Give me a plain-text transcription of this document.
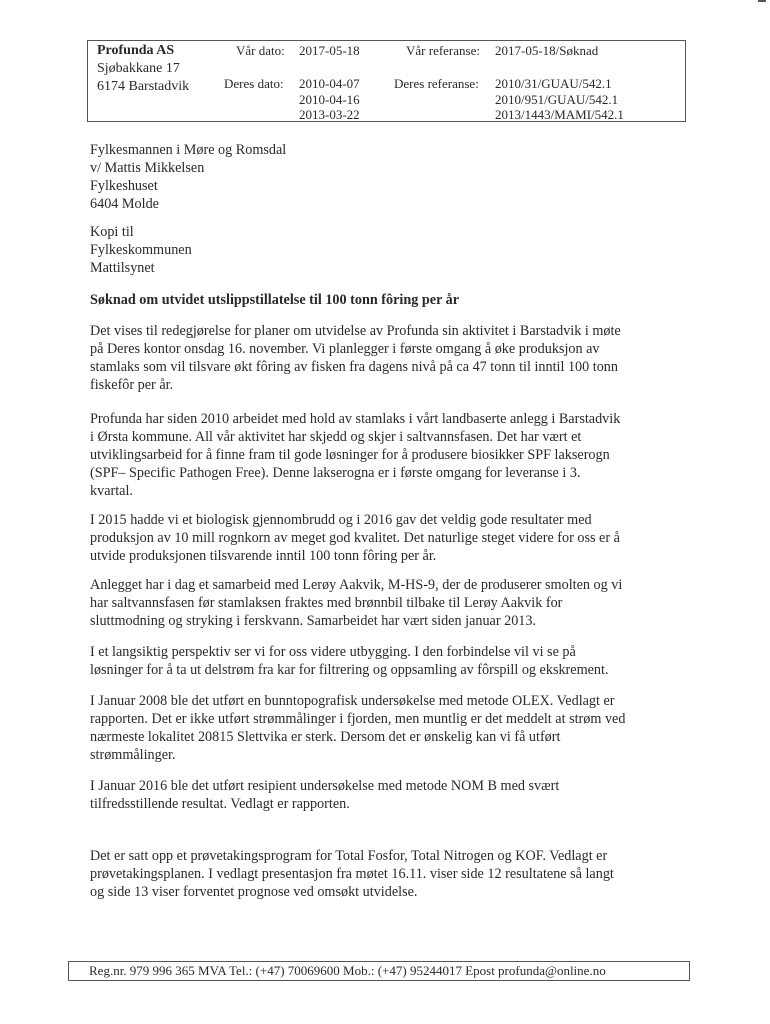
Profunda AS
Sjøbakkane 17
6174 Barstadvik
Vår dato: 2017-05-18	Vår referanse: 2017-05-18/Søknad
Deres dato: 2010-04-07
2010-04-16
2013-03-22
Deres referanse: 2010/31/GUAU/542.1
2010/951/GUAU/542.1
2013/1443/MAMI/542.1
Fylkesmannen i Møre og Romsdal
v/ Mattis Mikkelsen
Fylkeshuset
6404 Molde
Kopi til
Fylkeskommunen
Mattilsynet
Søknad om utvidet utslippstillatelse til 100 tonn fôring per år
Det vises til redegjørelse for planer om utvidelse av Profunda sin aktivitet i Barstadvik i møte
på Deres kontor onsdag 16. november. Vi planlegger i første omgang å øke produksjon av
stamlaks som vil tilsvare økt fôring av fisken fra dagens nivå på ca 47 tonn til inntil 100 tonn
fiskefôr per år.
Profunda har siden 2010 arbeidet med hold av stamlaks i vårt landbaserte anlegg i Barstadvik
i Ørsta kommune. All vår aktivitet har skjedd og skjer i saltvannsfasen. Det har vært et
utviklingsarbeid for å finne fram til gode løsninger for å produsere biosikker SPF lakserogn
(SPF– Specific Pathogen Free). Denne lakserogna er i første omgang for leveranse i 3.
kvartal.
I 2015 hadde vi et biologisk gjennombrudd og i 2016 gav det veldig gode resultater med
produksjon av 10 mill rognkorn av meget god kvalitet. Det naturlige steget videre for oss er å
utvide produksjonen tilsvarende inntil 100 tonn fôring per år.
Anlegget har i dag et samarbeid med Lerøy Aakvik, M-HS-9, der de produserer smolten og vi
har saltvannsfasen før stamlaksen fraktes med brønnbil tilbake til Lerøy Aakvik for
sluttmodning og stryking i ferskvann. Samarbeidet har vært siden januar 2013.
I et langsiktig perspektiv ser vi for oss videre utbygging. I den forbindelse vil vi se på
løsninger for å ta ut delstrøm fra kar for filtrering og oppsamling av fôrspill og ekskrement.
I Januar 2008 ble det utført en bunntopografisk undersøkelse med metode OLEX. Vedlagt er
rapporten. Det er ikke utført strømmålinger i fjorden, men muntlig er det meddelt at strøm ved
nærmeste lokalitet 20815 Slettvika er sterk. Dersom det er ønskelig kan vi få utført
strømmålinger.
I Januar 2016 ble det utført resipient undersøkelse med metode NOM B med svært
tilfredsstillende resultat. Vedlagt er rapporten.
Det er satt opp et prøvetakingsprogram for Total Fosfor, Total Nitrogen og KOF. Vedlagt er
prøvetakingsplanen. I vedlagt presentasjon fra møtet 16.11. viser side 12 resultatene så langt
og side 13 viser forventet prognose ved omsøkt utvidelse.
Reg.nr. 979 996 365 MVA Tel.: (+47) 70069600 Mob.: (+47) 95244017 Epost profunda@online.no
